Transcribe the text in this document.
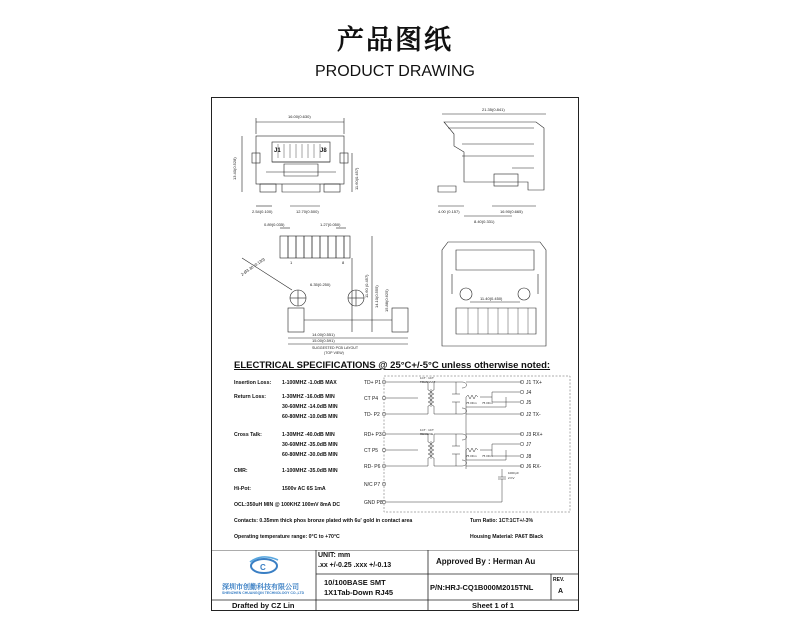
产品图纸
PRODUCT DRAWING
16.00(0.630)
13.40(0.528)	11.60(0.457)
2.54(0.100)	12.70(0.500)
21.35(0.841)
4.00 (0.157)	16.90(0.665)
8.40(0.331)
0.89(0.035)	1.27(0.050)
2-Ø3.30 (0.130)
11.60 (0.457) 14.10(0.555) 15.88(0.625)
6.35(0.250)
14.00(0.551)
15.00(0.591)
11.40(0.450)
SUGGESTED PCB LAYOUT
(TOP VIEW)
1	8
J1	J8
ELECTRICAL SPECIFICATIONS @ 25°C+/-5°C unless otherwise noted:
Insertion Loss: 1-100MHZ -1.0dB MAX
Return Loss:	1-30MHZ -16.0dB MIN
30-60MHZ -14.0dB MIN
60-80MHZ -10.0dB MIN
Cross Talk:	1-30MHZ -40.0dB MIN
30-60MHZ -35.0dB MIN
60-80MHZ -30.0dB MIN
CMR:	1-100MHZ -35.0dB MIN
Hi-Pot:	1500v AC 6S 1mA
OCL:350uH MIN @ 100KHZ 100mV 8mA DC
TD+ P1
CT P4
TD- P2
RD+ P3
CT P5
RD- P6
N/C P7
GND P8
J1 TX+
J4
J5
J2 TX-
J3 RX+
J7
J8
J6 RX-
1CT : 1CT
TRANSMIT
1CT : 1CT
RECEIVE
75 Ohm 75 Ohm
75 Ohm 75 Ohm
1000 pF
2 KV
Contacts: 0.35mm thick phos bronze plated with 6u' gold in contact area	Turn Ratio: 1CT:1CT+/-3%
Operating temperature range: 0°C to +70°C	Housing Material: PA6T Black
C
UNIT: mm
.xx +/-0.25 .xxx +/-0.13
深圳市创勤科技有限公司
SHENZHEN CHUANGQIN TECHNOLOGY CO.,LTD
Approved By : Herman Au
10/100BASE SMT
1X1Tab-Down RJ45
P/N:HRJ-CQ1B000M2015TNL
REV.
A
Drafted by CZ Lin	Sheet 1 of 1
